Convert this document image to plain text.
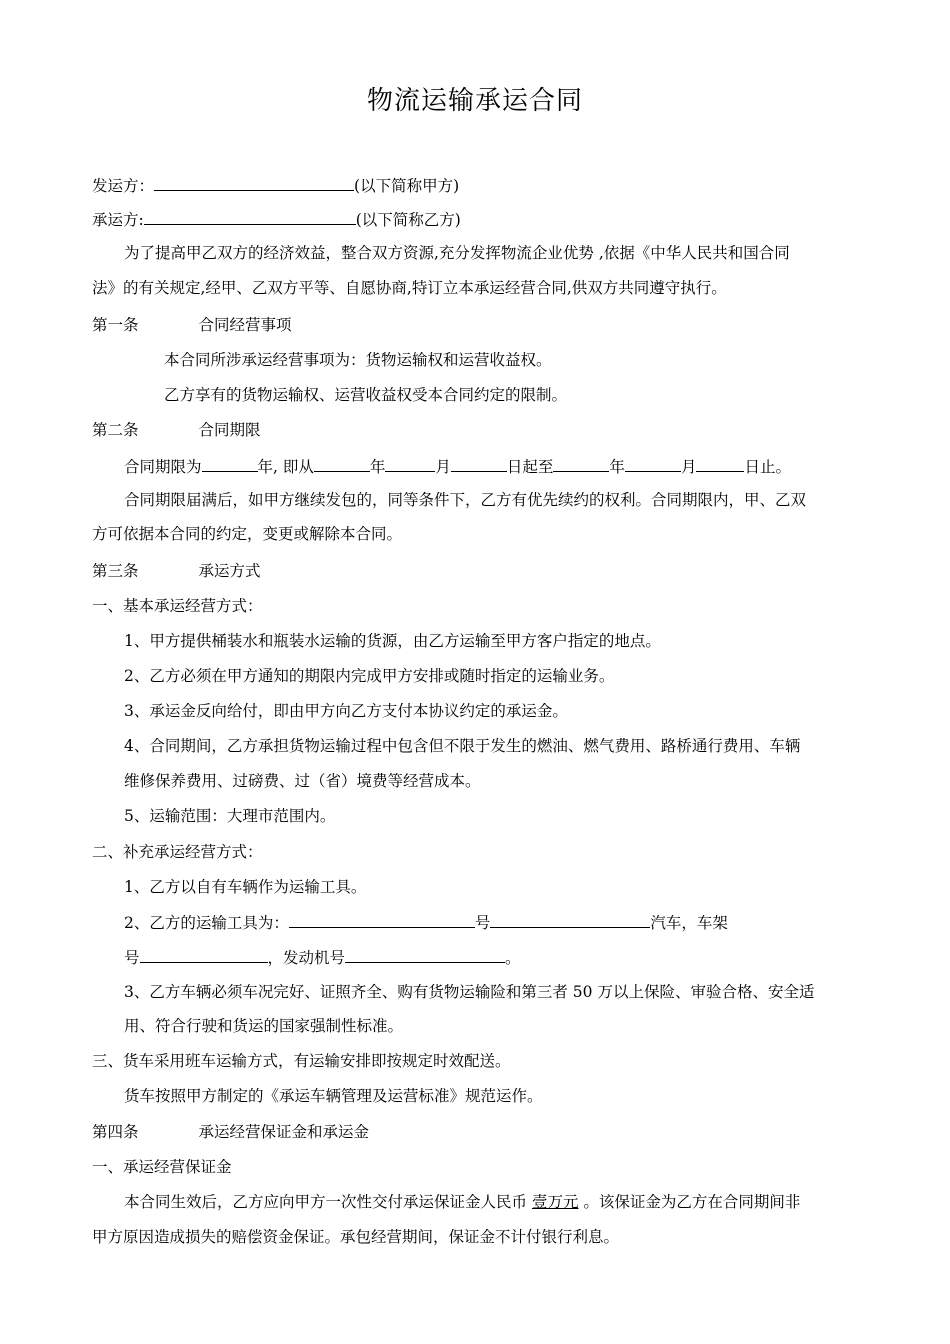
物流运输承运合同
发运方：	(以下简称甲方)
承运方:	(以下简称乙方)
为了提高甲乙双方的经济效益，整合双方资源,充分发挥物流企业优势 ,依据《中华人民共和国合同
法》的有关规定,经甲、乙双方平等、自愿协商,特订立本承运经营合同,供双方共同遵守执行。
第一条	合同经营事项
本合同所涉承运经营事项为：货物运输权和运营收益权。
乙方享有的货物运输权、运营收益权受本合同约定的限制。
第二条	合同期限
合同期限为	年, 即从	年	月	日起至	年	月	日止。
合同期限届满后，如甲方继续发包的，同等条件下，乙方有优先续约的权利。合同期限内，甲、乙双
方可依据本合同的约定，变更或解除本合同。
第三条	承运方式
一、基本承运经营方式：
1、甲方提供桶装水和瓶装水运输的货源，由乙方运输至甲方客户指定的地点。
2、乙方必须在甲方通知的期限内完成甲方安排或随时指定的运输业务。
3、承运金反向给付，即由甲方向乙方支付本协议约定的承运金。
4、合同期间，乙方承担货物运输过程中包含但不限于发生的燃油、燃气费用、路桥通行费用、车辆
维修保养费用、过磅费、过（省）境费等经营成本。
5、运输范围：大理市范围内。
二、补充承运经营方式：
1、乙方以自有车辆作为运输工具。
2、乙方的运输工具为：	号	汽车，车架
号	，发动机号	。
3、乙方车辆必须车况完好、证照齐全、购有货物运输险和第三者 50 万以上保险、审验合格、安全适
用、符合行驶和货运的国家强制性标准。
三、货车采用班车运输方式，有运输安排即按规定时效配送。
货车按照甲方制定的《承运车辆管理及运营标准》规范运作。
第四条	承运经营保证金和承运金
一、承运经营保证金
本合同生效后，乙方应向甲方一次性交付承运保证金人民币 壹万元 。该保证金为乙方在合同期间非
甲方原因造成损失的赔偿资金保证。承包经营期间，保证金不计付银行利息。
